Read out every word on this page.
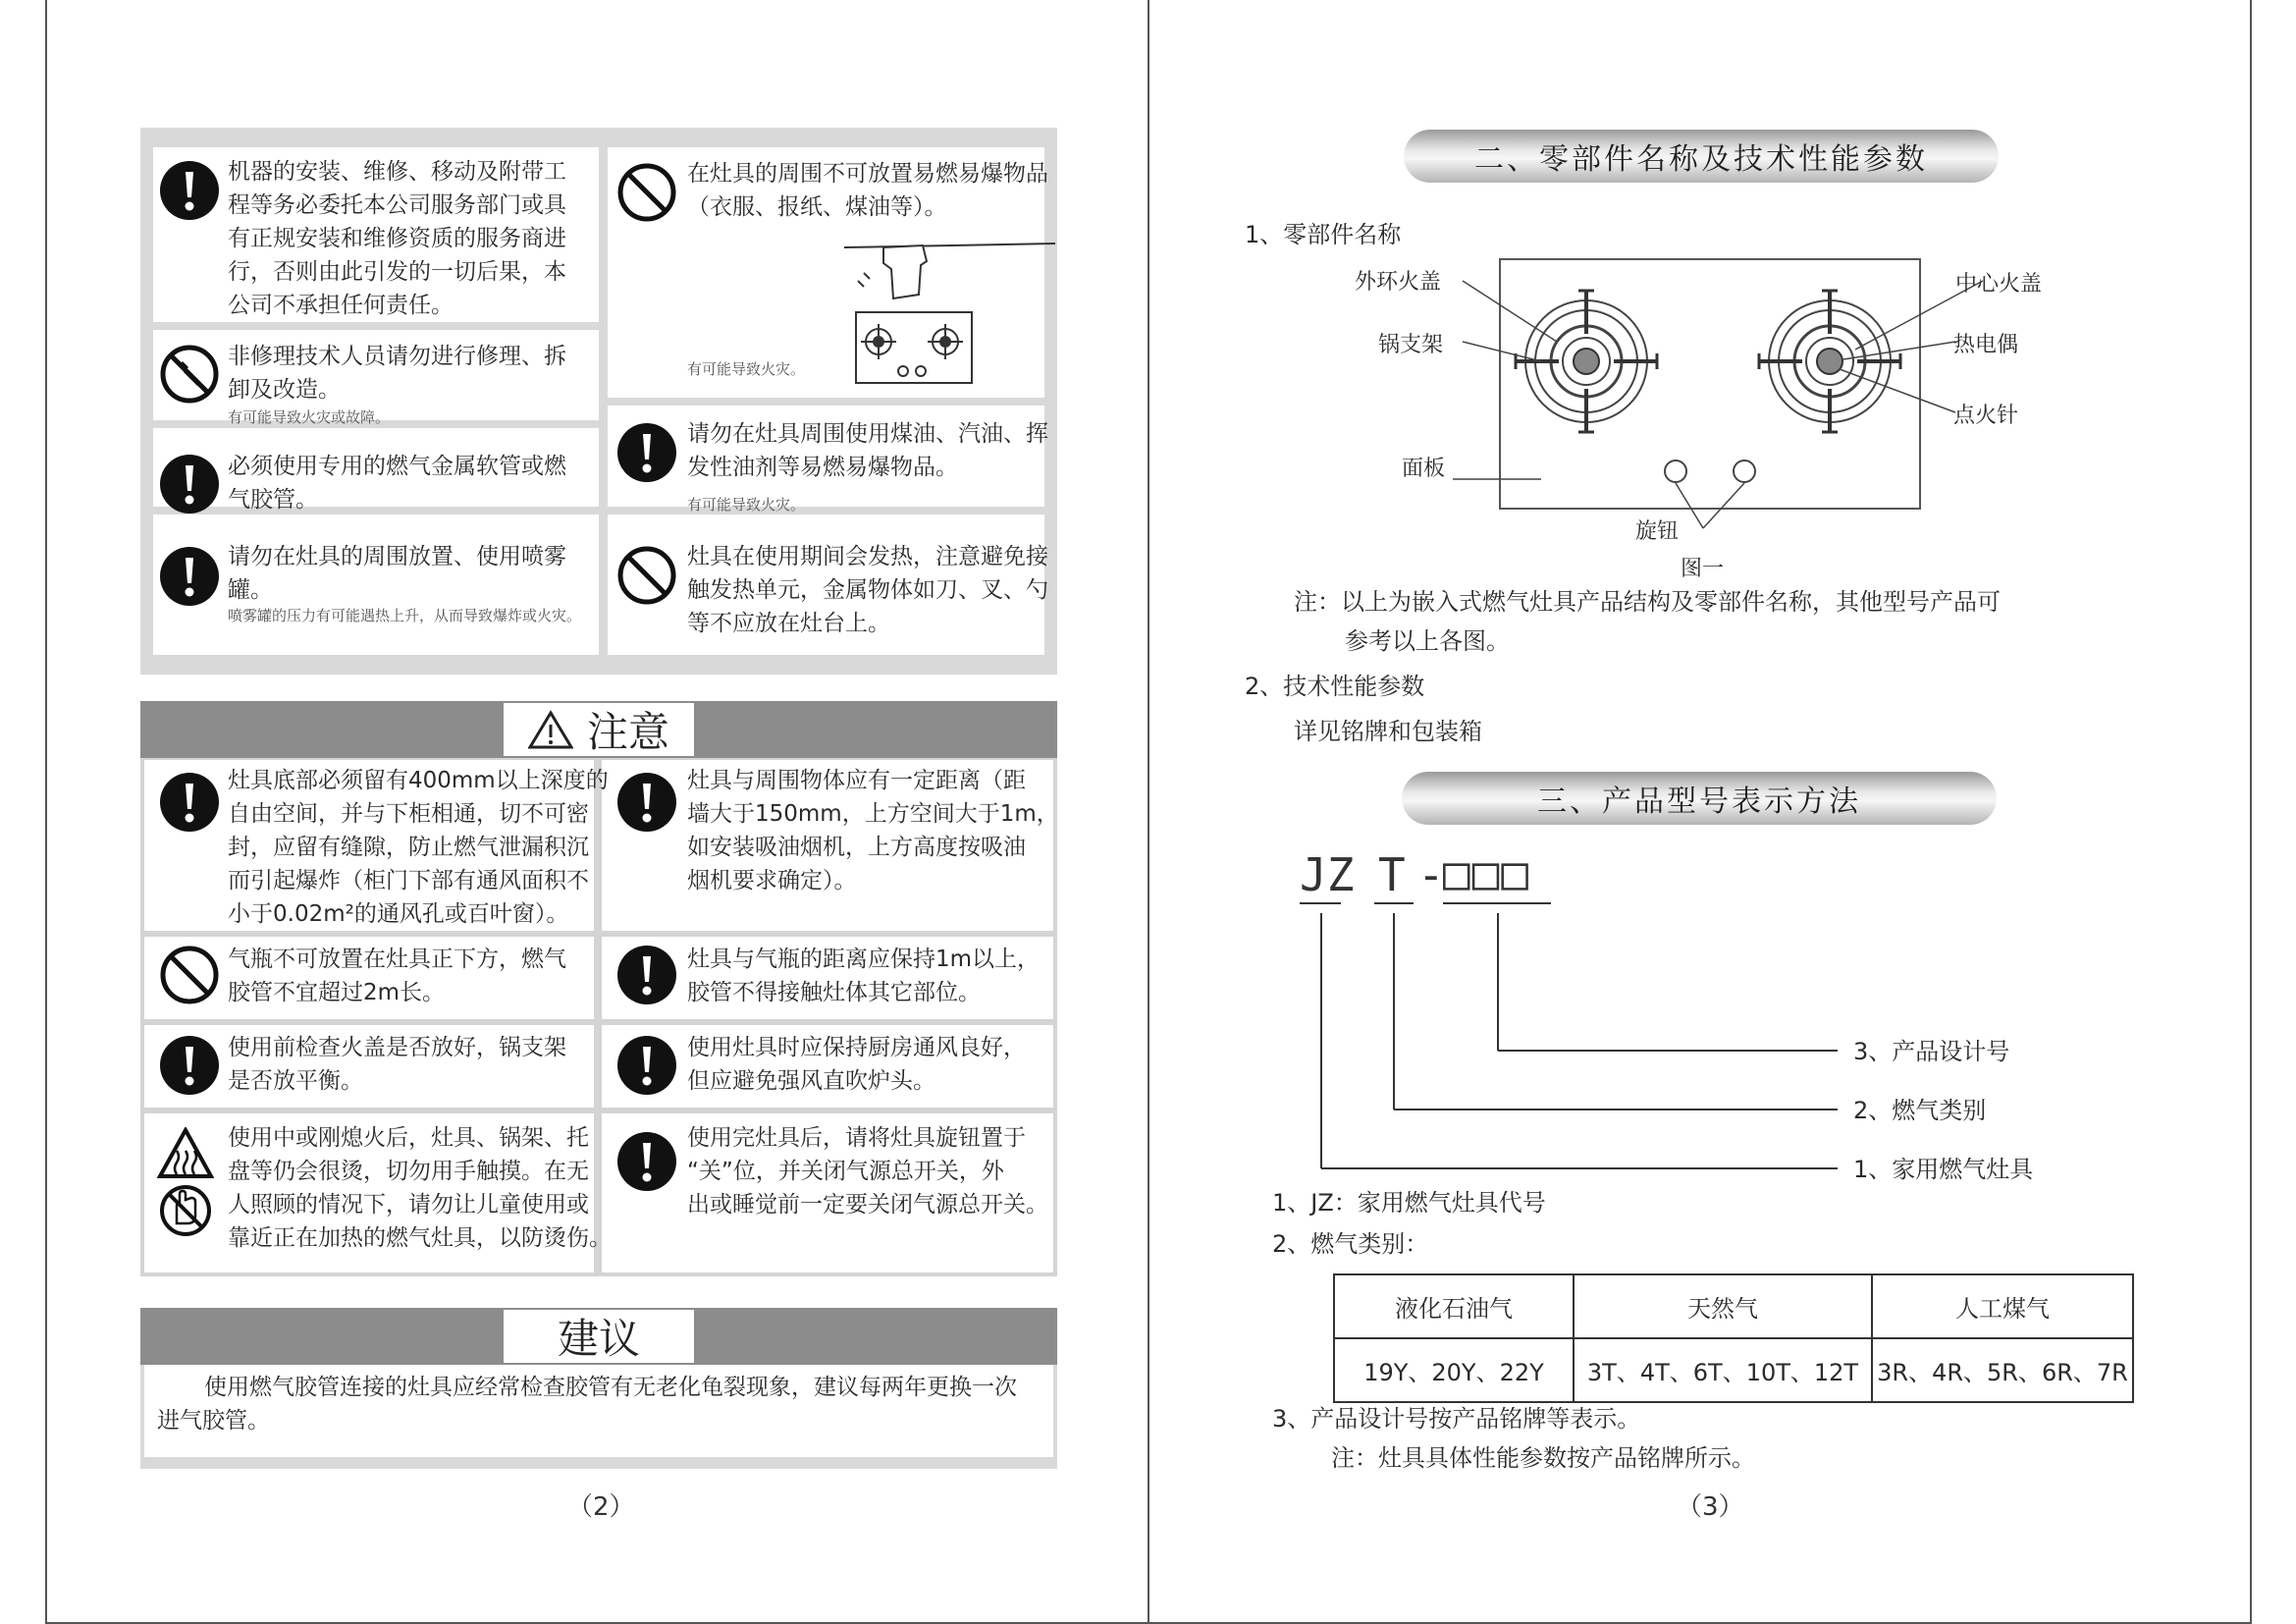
机器的安装、维修、移动及附带工程等务必委托本公司服务部门或具有正规安装和维修资质的服务商进行，否则由此引发的一切后果，本公司不承担任何责任。
非修理技术人员请勿进行修理、拆卸及改造。
有可能导致火灾或故障。
必须使用专用的燃气金属软管或燃气胶管。
请勿在灶具的周围放置、使用喷雾罐。
喷雾罐的压力有可能遇热上升，从而导致爆炸或火灾。
在灶具的周围不可放置易燃易爆物品（衣服、报纸、煤油等）。
有可能导致火灾。
请勿在灶具周围使用煤油、汽油、挥发性油剂等易燃易爆物品。
有可能导致火灾。
灶具在使用期间会发热，注意避免接触发热单元，金属物体如刀、叉、勺等不应放在灶台上。
注意
灶具底部必须留有400mm以上深度的
自由空间，并与下柜相通，切不可密
封，应留有缝隙，防止燃气泄漏积沉
而引起爆炸（柜门下部有通风面积不
小于0.02m²的通风孔或百叶窗）。
灶具与周围物体应有一定距离（距
墙大于150mm，上方空间大于1m，
如安装吸油烟机，上方高度按吸油
烟机要求确定）。
气瓶不可放置在灶具正下方，燃气
胶管不宜超过2m长。
灶具与气瓶的距离应保持1m以上，
胶管不得接触灶体其它部位。
使用前检查火盖是否放好，锅支架
是否放平衡。
使用灶具时应保持厨房通风良好，
但应避免强风直吹炉头。
使用中或刚熄火后，灶具、锅架、托
盘等仍会很烫，切勿用手触摸。在无
人照顾的情况下，请勿让儿童使用或
靠近正在加热的燃气灶具，以防烫伤。
使用完灶具后，请将灶具旋钮置于
“关”位，并关闭气源总开关，外
出或睡觉前一定要关闭气源总开关。
建议
使用燃气胶管连接的灶具应经常检查胶管有无老化龟裂现象，建议每两年更换一次
进气胶管。
（2）
二、零部件名称及技术性能参数
1、零部件名称
外环火盖
锅支架
面板
中心火盖
热电偶
点火针
旋钮
图一
注：以上为嵌入式燃气灶具产品结构及零部件名称，其他型号产品可
参考以上各图。
2、技术性能参数
详见铭牌和包装箱
三、产品型号表示方法
JZ T -
□□□
3、产品设计号
2、燃气类别
1、家用燃气灶具
1、JZ：家用燃气灶具代号
2、燃气类别：
液化石油气	天然气	人工煤气
19Y、20Y、22Y	3T、4T、6T、10T、12T	3R、4R、5R、6R、7R
3、产品设计号按产品铭牌等表示。
注：灶具具体性能参数按产品铭牌所示。
（3）
